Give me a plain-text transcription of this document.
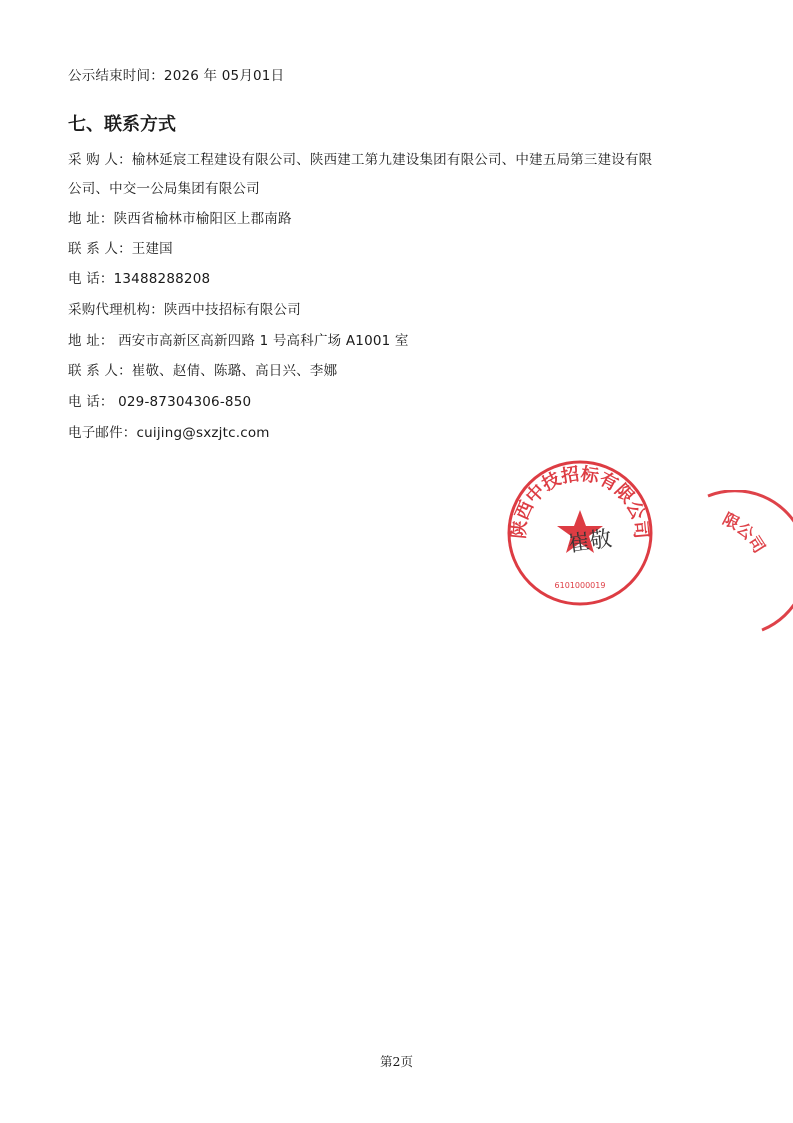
公示结束时间：2026 年 05月01日
七、联系方式
采 购 人：榆林延宸工程建设有限公司、陕西建工第九建设集团有限公司、中建五局第三建设有限
公司、中交一公局集团有限公司
地 址：陕西省榆林市榆阳区上郡南路
联 系 人：王建国
电 话：13488288208
采购代理机构：陕西中技招标有限公司
地 址： 西安市高新区高新四路 1 号高科广场 A1001 室
联 系 人：崔敬、赵倩、陈璐、高日兴、李娜
电 话： 029-87304306-850
电子邮件：cuijing@sxzjtc.com
陕西中技招标有限公司
崔敬
6101000019
限公司
第2页
